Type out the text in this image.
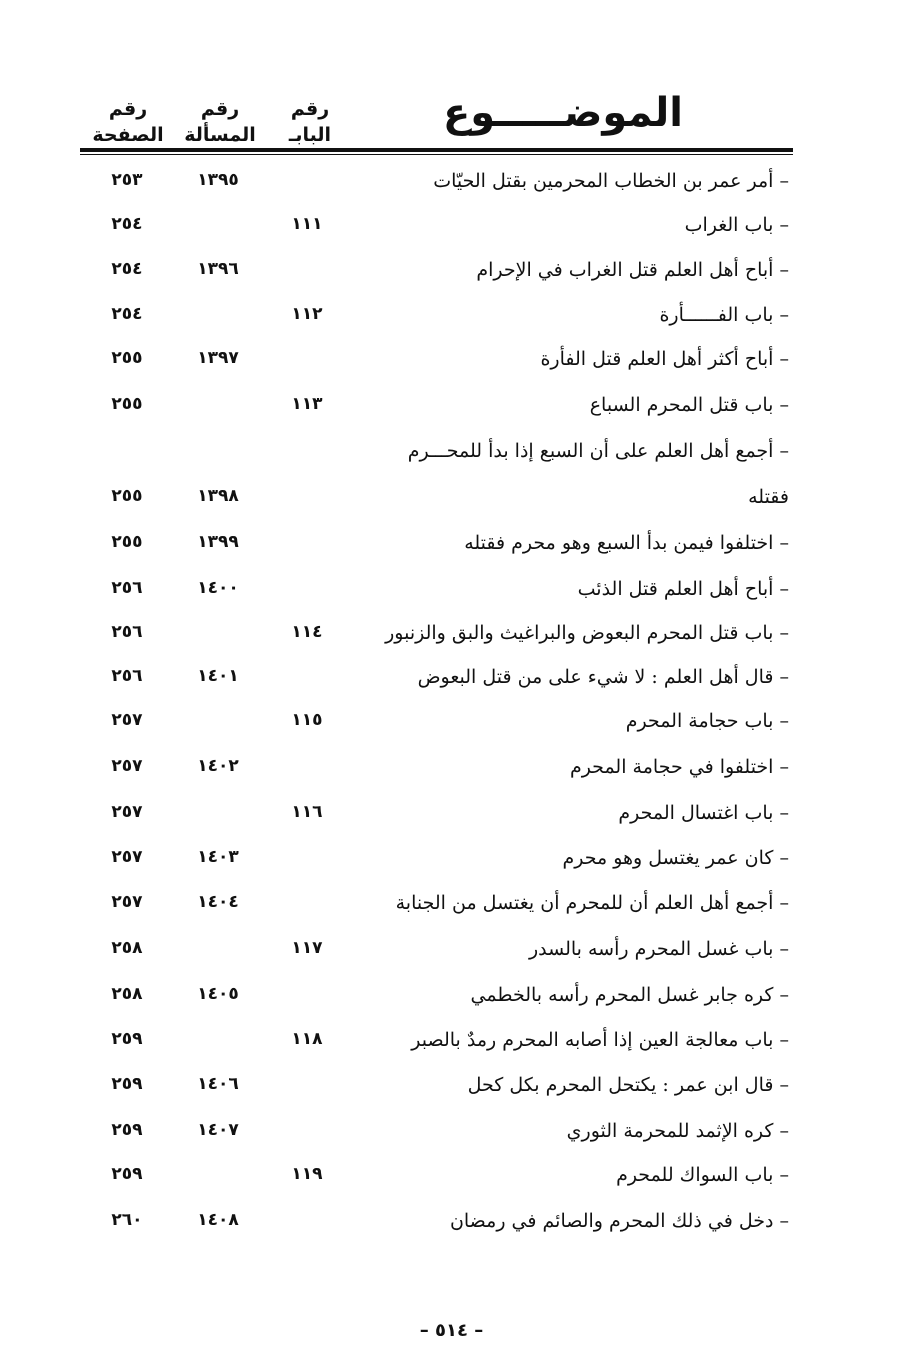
الموضـــــوع
رقم
البابـ
رقم
المسألة
رقم
الصفحة
– أمر عمر بن الخطاب المحرمين بقتل الحيّات
١٣٩٥
٢٥٣
– باب الغراب
١١١
٢٥٤
– أباح أهل العلم قتل الغراب في الإحرام
١٣٩٦
٢٥٤
– باب الفــــــأرة
١١٢
٢٥٤
– أباح أكثر أهل العلم قتل الفأرة
١٣٩٧
٢٥٥
– باب قتل المحرم السباع
١١٣
٢٥٥
– أجمع أهل العلم على أن السبع إذا بدأ للمحـــرم
فقتله
١٣٩٨
٢٥٥
– اختلفوا فيمن بدأ السبع وهو محرم فقتله
١٣٩٩
٢٥٥
– أباح أهل العلم قتل الذئب
١٤٠٠
٢٥٦
– باب قتل المحرم البعوض والبراغيث والبق والزنبور
١١٤
٢٥٦
– قال أهل العلم : لا شيء على من قتل البعوض
١٤٠١
٢٥٦
– باب حجامة المحرم
١١٥
٢٥٧
– اختلفوا في حجامة المحرم
١٤٠٢
٢٥٧
– باب اغتسال المحرم
١١٦
٢٥٧
– كان عمر يغتسل وهو محرم
١٤٠٣
٢٥٧
– أجمع أهل العلم أن للمحرم أن يغتسل من الجنابة
١٤٠٤
٢٥٧
– باب غسل المحرم رأسه بالسدر
١١٧
٢٥٨
– كره جابر غسل المحرم رأسه بالخطمي
١٤٠٥
٢٥٨
– باب معالجة العين إذا أصابه المحرم رمدٌ بالصبر
١١٨
٢٥٩
– قال ابن عمر : يكتحل المحرم بكل كحل
١٤٠٦
٢٥٩
– كره الإثمد للمحرمة الثوري
١٤٠٧
٢٥٩
– باب السواك للمحرم
١١٩
٢٥٩
– دخل في ذلك المحرم والصائم في رمضان
١٤٠٨
٢٦٠
– ٥١٤ –
